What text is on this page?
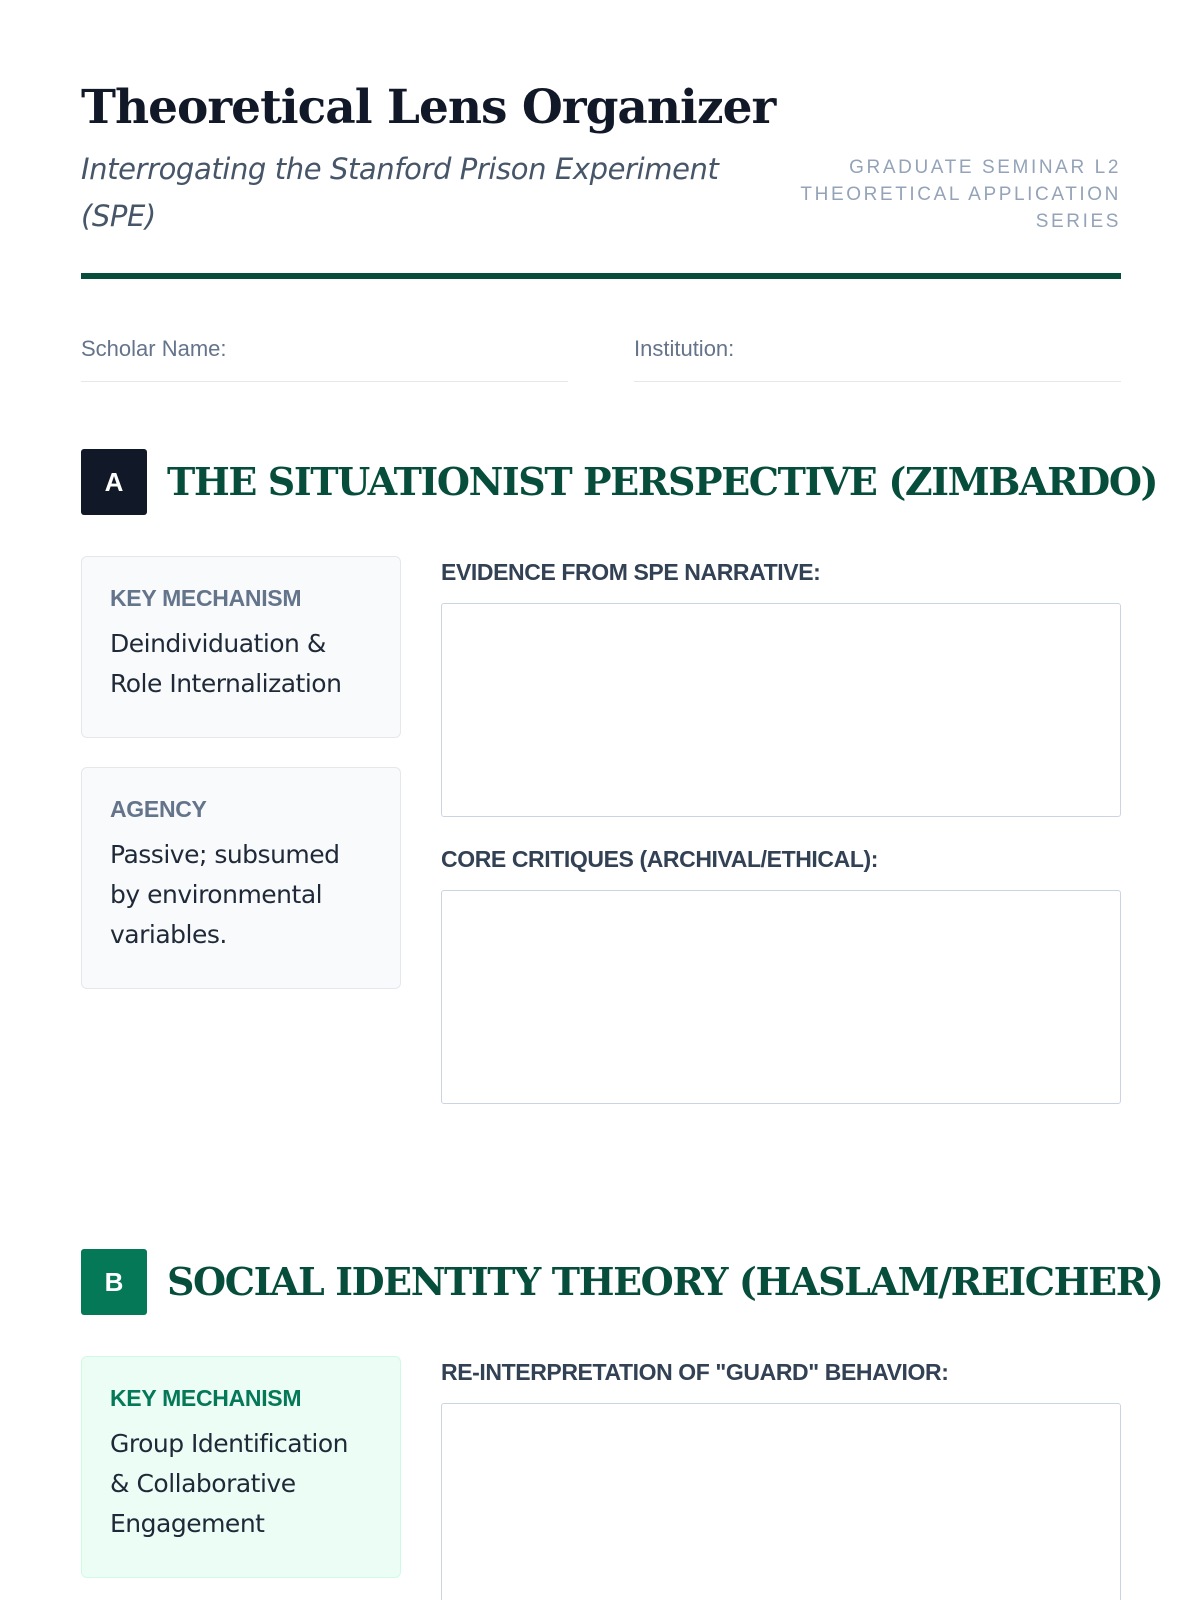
Theoretical Lens Organizer
Interrogating the Stanford Prison Experiment (SPE)
GRADUATE SEMINAR L2
THEORETICAL APPLICATION
SERIES
Scholar Name:	Institution:
A	THE SITUATIONIST PERSPECTIVE (ZIMBARDO)
KEY MECHANISM
Deindividuation & Role Internalization
AGENCY
Passive; subsumed by environmental variables.
EVIDENCE FROM SPE NARRATIVE:
CORE CRITIQUES (ARCHIVAL/ETHICAL):
B	SOCIAL IDENTITY THEORY (HASLAM/REICHER)
KEY MECHANISM
Group Identification & Collaborative Engagement
RE-INTERPRETATION OF "GUARD" BEHAVIOR:
